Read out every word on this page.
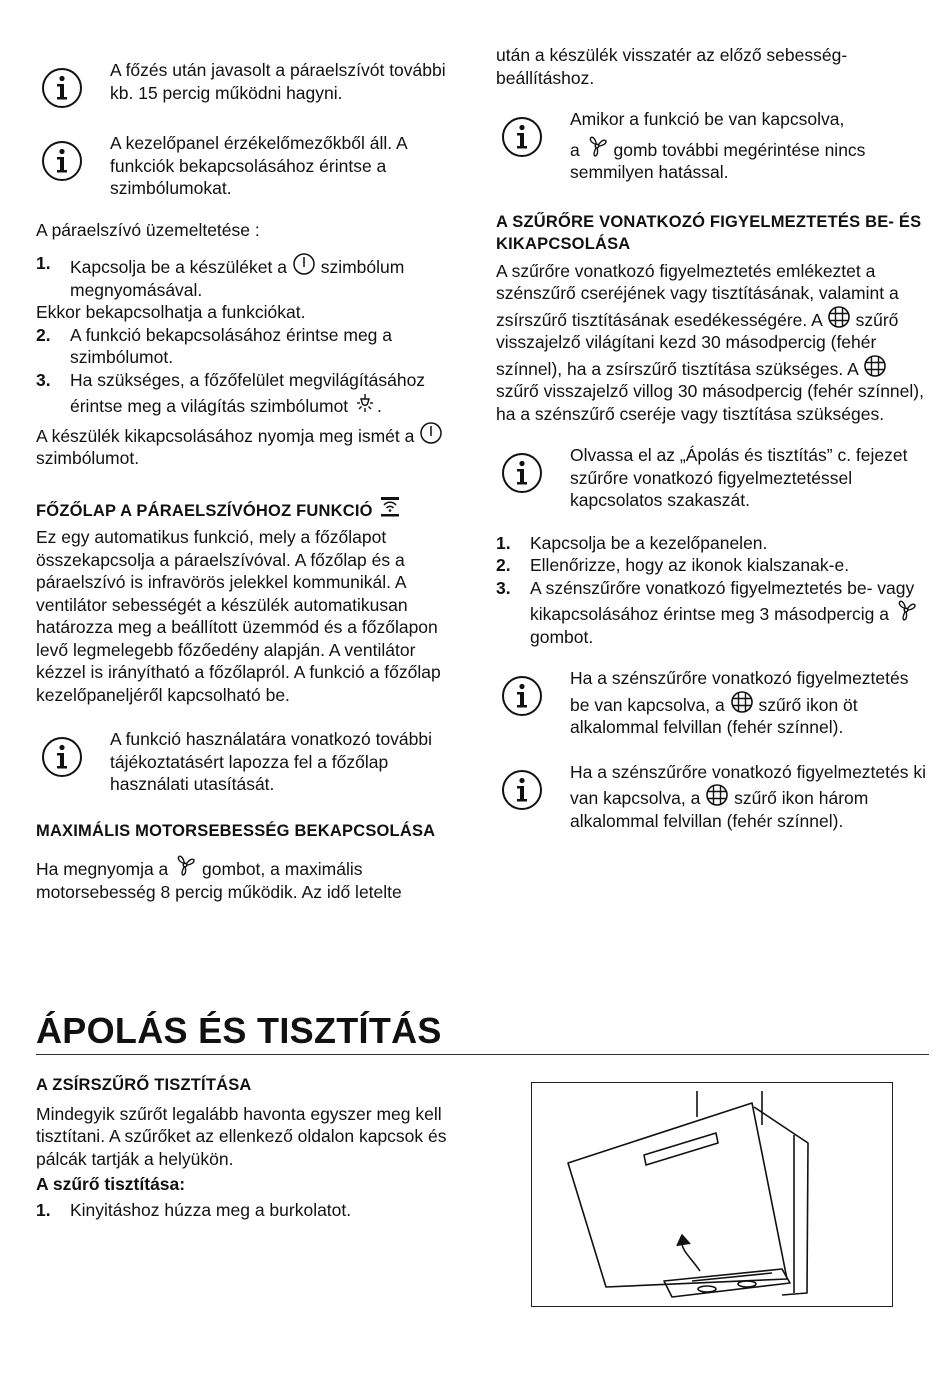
A főzés után javasolt a páraelszívót további kb. 15 percig működni hagyni.

A kezelőpanel érzékelőmezőkből áll. A funkciók bekapcsolásához érintse a szimbólumokat.

A páraelszívó üzemeltetése :

1. Kapcsolja be a készüléket a szimbólum megnyomásával.

Ekkor bekapcsolhatja a funkciókat.

2. A funkció bekapcsolásához érintse meg a szimbólumot.
3. Ha szükséges, a főzőfelület megvilágításához érintse meg a világítás szimbólumot .

A készülék kikapcsolásához nyomja meg ismét a  szimbólumot.

FŐZŐLAP A PÁRAELSZÍVÓHOZ FUNKCIÓ

Ez egy automatikus funkció, mely a főzőlapot összekapcsolja a páraelszívóval. A főzőlap és a páraelszívó is infravörös jelekkel kommunikál. A ventilátor sebességét a készülék automatikusan határozza meg a beállított üzemmód és a főzőlapon levő legmelegebb főzőedény alapján. A ventilátor kézzel is irányítható a főzőlapról. A funkció a főzőlap kezelőpaneljéről kapcsolható be.

A funkció használatára vonatkozó további tájékoztatásért lapozza fel a főzőlap használati utasítását.

MAXIMÁLIS MOTORSEBESSÉG BEKAPCSOLÁSA

Ha megnyomja a gombot, a maximális motorsebesség 8 percig működik. Az idő letelte

után a készülék visszatér az előző sebesség-beállításhoz.

Amikor a funkció be van kapcsolva,

a gomb további megérintése nincs semmilyen hatással.

A SZŰRŐRE VONATKOZÓ FIGYELMEZTETÉS BE- ÉS KIKAPCSOLÁSA

A szűrőre vonatkozó figyelmeztetés emlékeztet a szénszűrő cseréjének vagy tisztításának, valamint a zsírszűrő tisztításának esedékességére. A szűrő visszajelző világítani kezd 30 másodpercig (fehér színnel), ha a zsírszűrő tisztítása szükséges. A  szűrő visszajelző villog 30 másodpercig (fehér színnel), ha a szénszűrő cseréje vagy tisztítása szükséges.

Olvassa el az „Ápolás és tisztítás” c. fejezet szűrőre vonatkozó figyelmeztetéssel kapcsolatos szakaszát.

1. Kapcsolja be a kezelőpanelen.
2. Ellenőrizze, hogy az ikonok kialszanak-e.
3. A szénszűrőre vonatkozó figyelmeztetés be- vagy kikapcsolásához érintse meg 3 másodpercig a  gombot.

Ha a szénszűrőre vonatkozó figyelmeztetés be van kapcsolva, a szűrő ikon öt alkalommal felvillan (fehér színnel).

Ha a szénszűrőre vonatkozó figyelmeztetés ki van kapcsolva, a szűrő ikon három alkalommal felvillan (fehér színnel).

ÁPOLÁS ÉS TISZTÍTÁS
A ZSÍRSZŰRŐ TISZTÍTÁSA

Mindegyik szűrőt legalább havonta egyszer meg kell tisztítani. A szűrőket az ellenkező oldalon kapcsok és pálcák tartják a helyükön.

A szűrő tisztítása:

1. Kinyitáshoz húzza meg a burkolatot.
